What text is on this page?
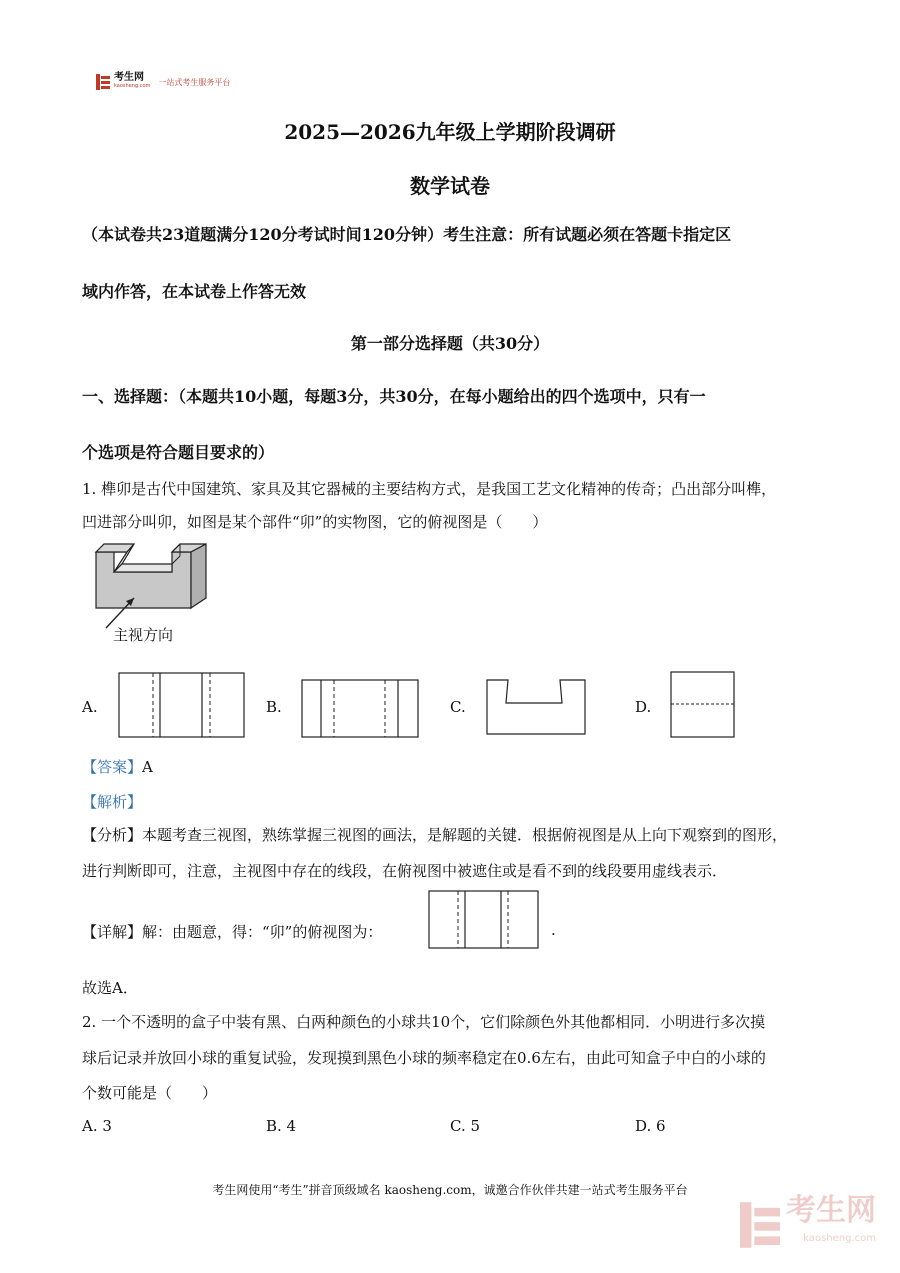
考生网
kaosheng.com 一站式考生服务平台
2025—2026九年级上学期阶段调研
数学试卷
（本试卷共23道题满分120分考试时间120分钟）考生注意：所有试题必须在答题卡指定区
域内作答，在本试卷上作答无效
第一部分选择题（共30分）
一、选择题：（本题共10小题，每题3分，共30分，在每小题给出的四个选项中，只有一
个选项是符合题目要求的）
1. 榫卯是古代中国建筑、家具及其它器械的主要结构方式，是我国工艺文化精神的传奇；凸出部分叫榫，
凹进部分叫卯，如图是某个部件“卯”的实物图，它的俯视图是（　　）
主视方向
A.	B.	C.	D.
【答案】A
【解析】
【分析】本题考查三视图，熟练掌握三视图的画法，是解题的关键．根据俯视图是从上向下观察到的图形，
进行判断即可，注意，主视图中存在的线段，在俯视图中被遮住或是看不到的线段要用虚线表示．
【详解】解：由题意，得：“卯”的俯视图为：	.
故选A．
2. 一个不透明的盒子中装有黑、白两种颜色的小球共10个，它们除颜色外其他都相同．小明进行多次摸
球后记录并放回小球的重复试验，发现摸到黑色小球的频率稳定在0.6左右，由此可知盒子中白的小球的
个数可能是（　　）
A. 3	B. 4	C. 5	D. 6
考生网使用“考生”拼音顶级域名 kaosheng.com，诚邀合作伙伴共建一站式考生服务平台
考生网
kaosheng.com
